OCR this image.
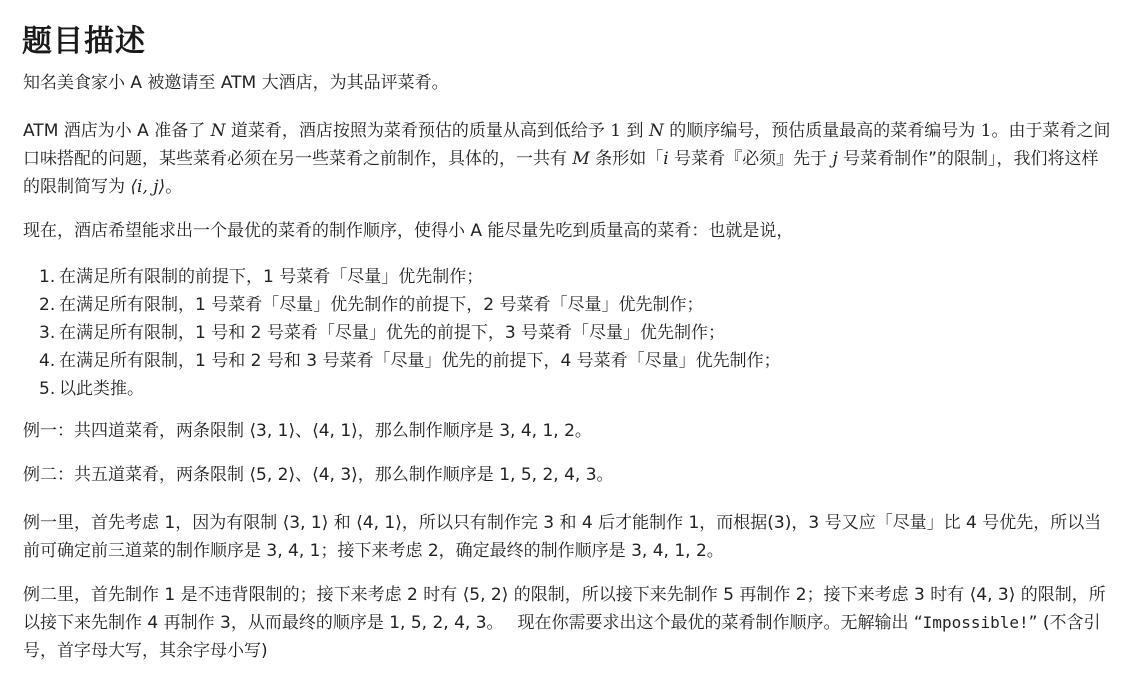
题目描述

知名美食家小 A 被邀请至 ATM 大酒店，为其品评菜肴。

ATM 酒店为小 A 准备了 N 道菜肴，酒店按照为菜肴预估的质量从高到低给予 1 到 N 的顺序编号，预估质量最高的菜肴编号为 1。由于菜肴之间口味搭配的问题，某些菜肴必须在另一些菜肴之前制作，具体的，一共有 M 条形如「i 号菜肴『必须』先于 j 号菜肴制作”的限制」，我们将这样的限制简写为 ⟨i, j⟩。

现在，酒店希望能求出一个最优的菜肴的制作顺序，使得小 A 能尽量先吃到质量高的菜肴：也就是说，

1. 在满足所有限制的前提下，1 号菜肴「尽量」优先制作；
2. 在满足所有限制，1 号菜肴「尽量」优先制作的前提下，2 号菜肴「尽量」优先制作；
3. 在满足所有限制，1 号和 2 号菜肴「尽量」优先的前提下，3 号菜肴「尽量」优先制作；
4. 在满足所有限制，1 号和 2 号和 3 号菜肴「尽量」优先的前提下，4 号菜肴「尽量」优先制作；
5. 以此类推。

例一：共四道菜肴，两条限制 ⟨3, 1⟩、⟨4, 1⟩，那么制作顺序是 3, 4, 1, 2。

例二：共五道菜肴，两条限制 ⟨5, 2⟩、⟨4, 3⟩，那么制作顺序是 1, 5, 2, 4, 3。

例一里，首先考虑 1，因为有限制 ⟨3, 1⟩ 和 ⟨4, 1⟩，所以只有制作完 3 和 4 后才能制作 1，而根据(3)，3 号又应「尽量」比 4 号优先，所以当前可确定前三道菜的制作顺序是 3, 4, 1；接下来考虑 2，确定最终的制作顺序是 3, 4, 1, 2。

例二里，首先制作 1 是不违背限制的；接下来考虑 2 时有 ⟨5, 2⟩ 的限制，所以接下来先制作 5 再制作 2；接下来考虑 3 时有 ⟨4, 3⟩ 的限制，所以接下来先制作 4 再制作 3，从而最终的顺序是 1, 5, 2, 4, 3。　 现在你需要求出这个最优的菜肴制作顺序。无解输出 “Impossible!” (不含引号，首字母大写，其余字母小写)
